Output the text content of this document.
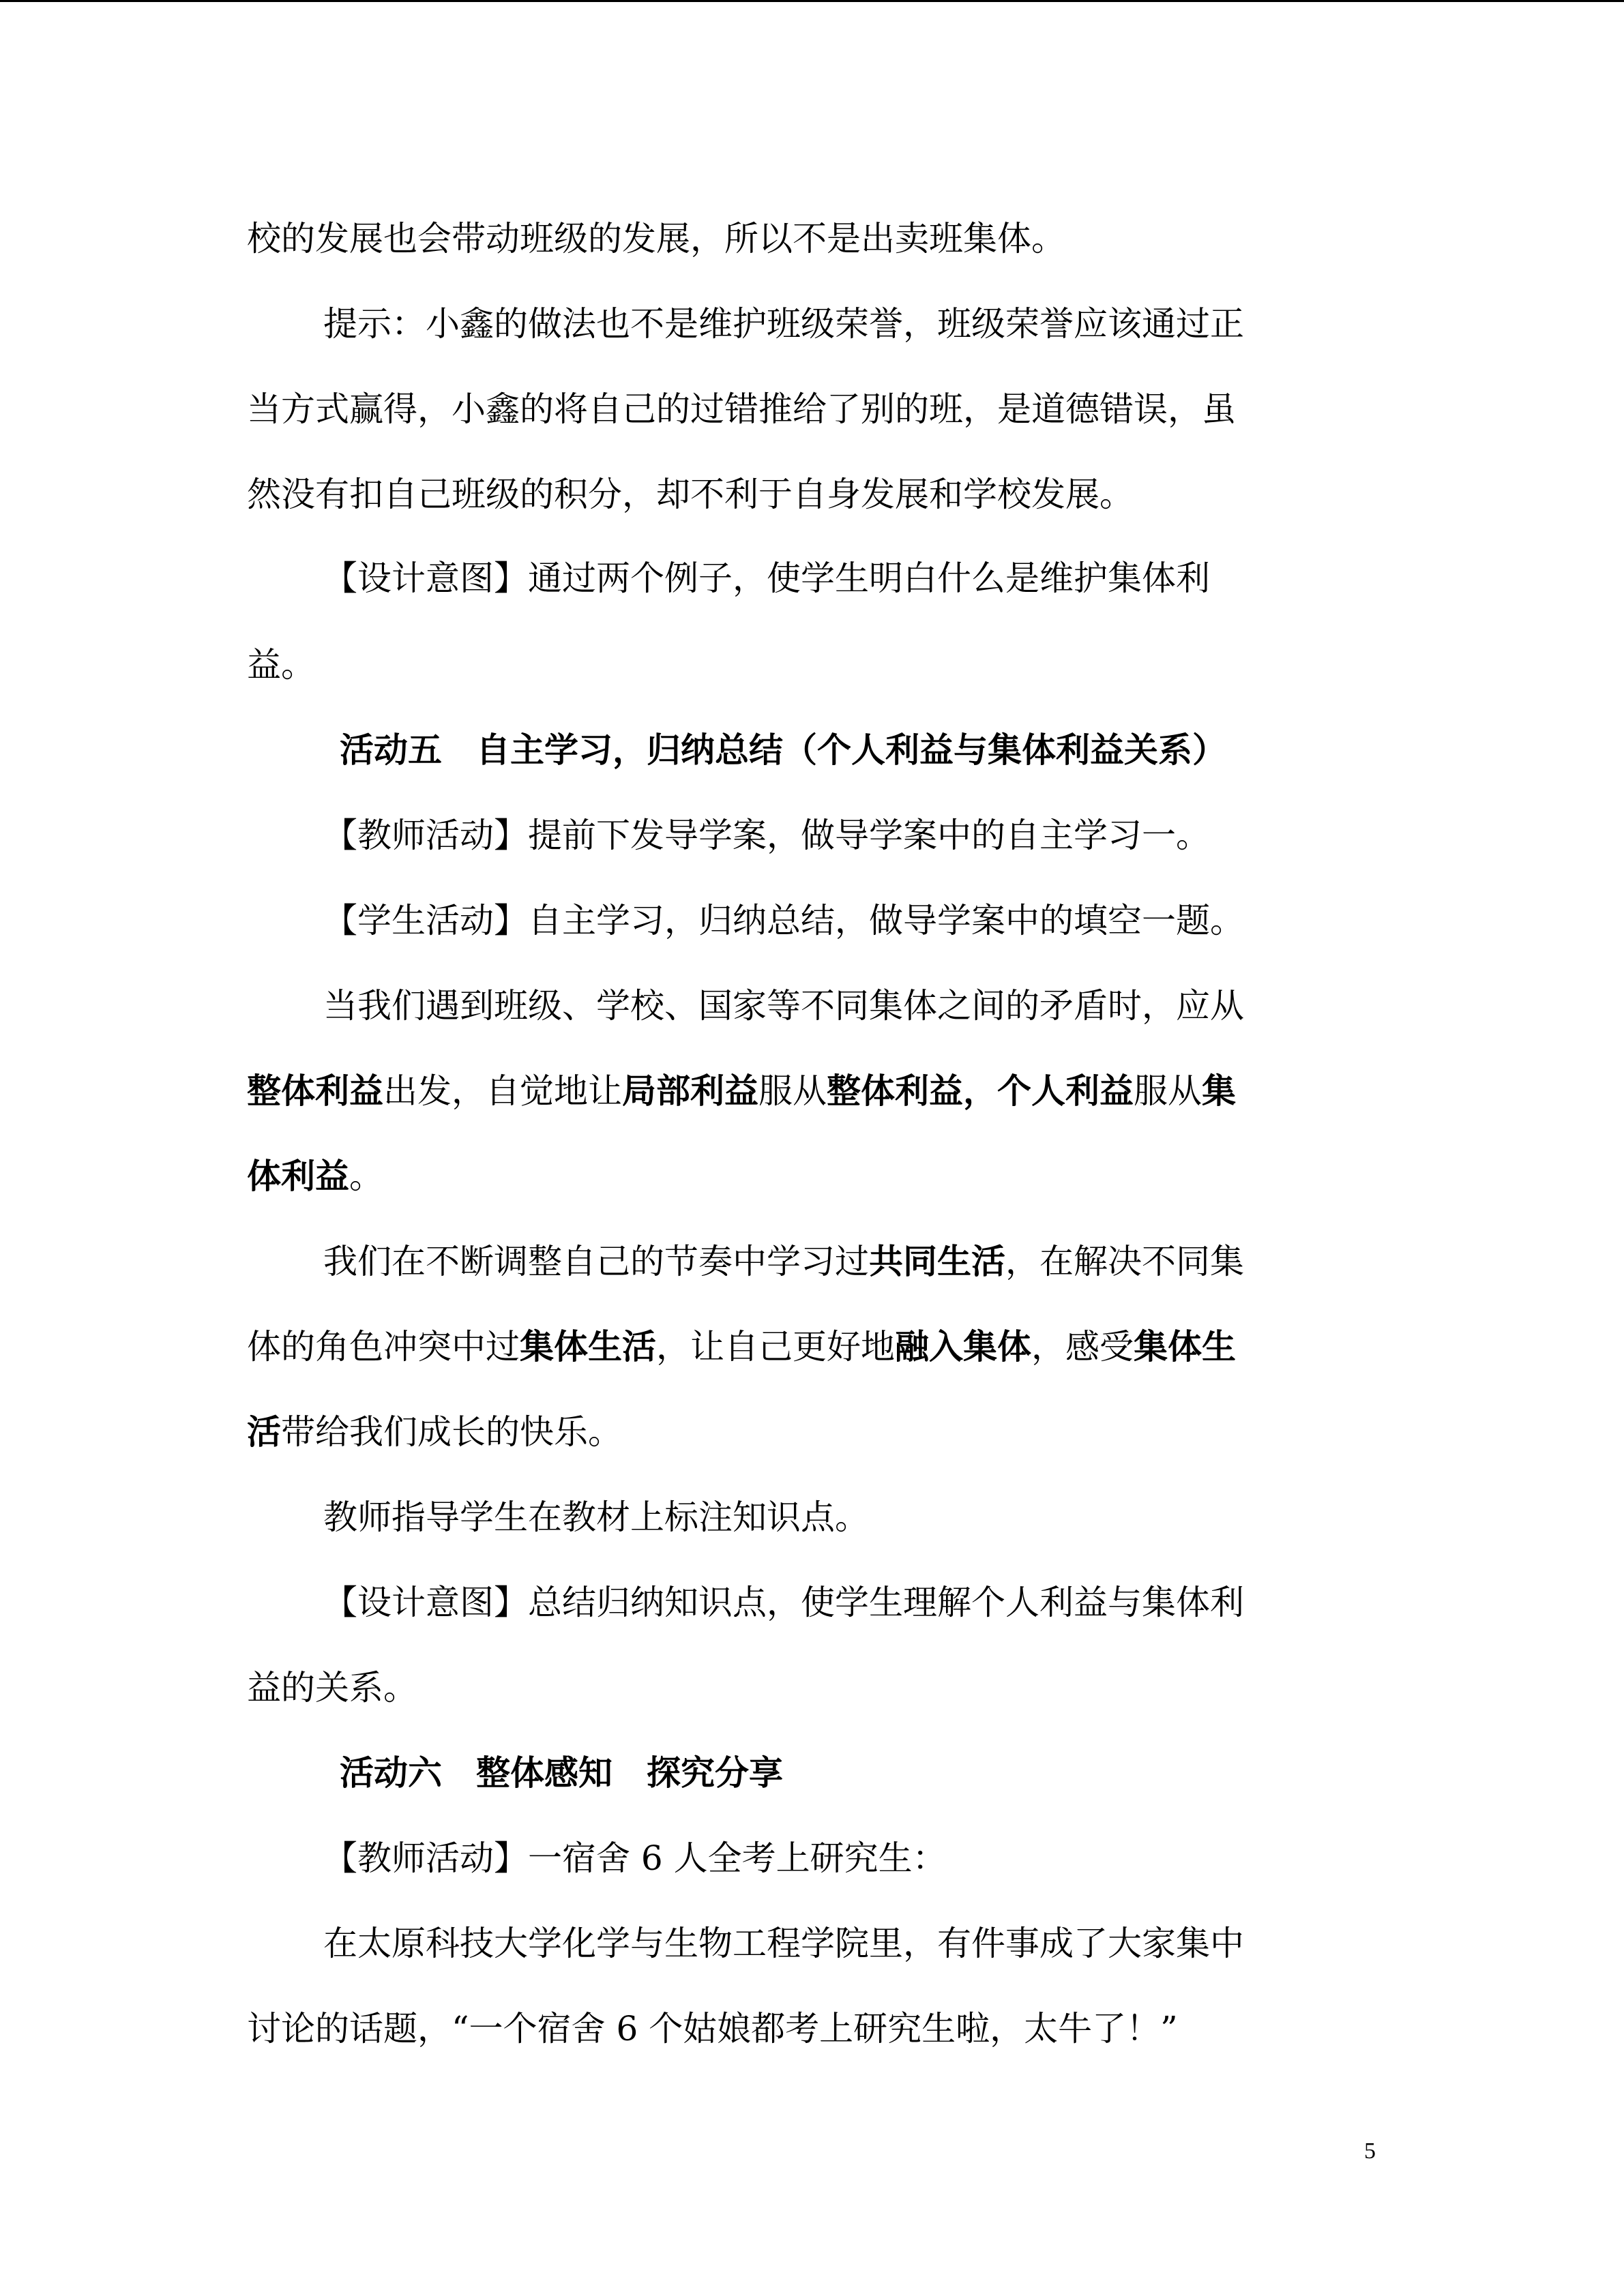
校的发展也会带动班级的发展，所以不是出卖班集体。
提示：小鑫的做法也不是维护班级荣誉，班级荣誉应该通过正
当方式赢得，小鑫的将自己的过错推给了别的班，是道德错误，虽
然没有扣自己班级的积分，却不利于自身发展和学校发展。
【设计意图】通过两个例子，使学生明白什么是维护集体利
益。
活动五　自主学习，归纳总结（个人利益与集体利益关系）
【教师活动】提前下发导学案，做导学案中的自主学习一。
【学生活动】自主学习，归纳总结，做导学案中的填空一题。
当我们遇到班级、学校、国家等不同集体之间的矛盾时，应从
整体利益出发，自觉地让局部利益服从整体利益，个人利益服从集
体利益。
我们在不断调整自己的节奏中学习过共同生活，在解决不同集
体的角色冲突中过集体生活，让自己更好地融入集体，感受集体生
活带给我们成长的快乐。
教师指导学生在教材上标注知识点。
【设计意图】总结归纳知识点，使学生理解个人利益与集体利
益的关系。
活动六　整体感知　探究分享
【教师活动】一宿舍 6 人全考上研究生：
在太原科技大学化学与生物工程学院里，有件事成了大家集中
讨论的话题，“一个宿舍 6 个姑娘都考上研究生啦，太牛了！”
5
